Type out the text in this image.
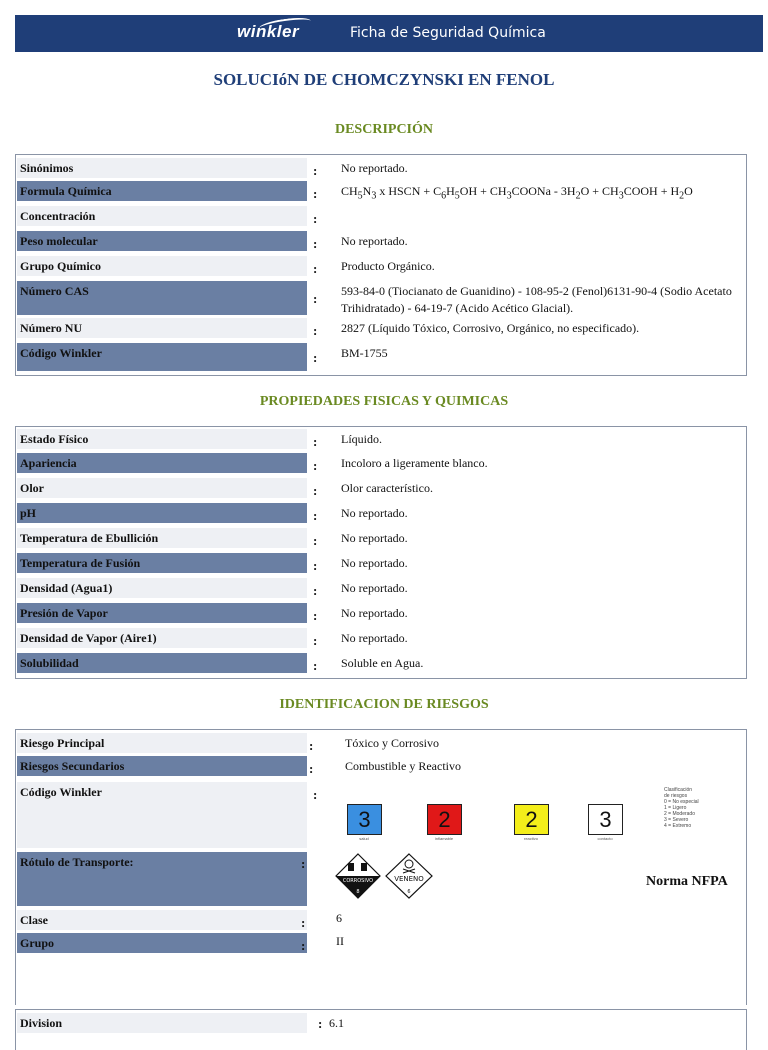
winkler	Ficha de Seguridad Química
SOLUCIóN DE CHOMCZYNSKI EN FENOL
DESCRIPCIÓN
Sinónimos	: No reportado.
Formula Química	: $CH_5N_3$ x HSCN + $C_6H_5OH$ + $CH_3COONa - 3H_2O$ + $CH_3COOH + H_2O$
Concentración	:
Peso molecular	: No reportado.
Grupo Químico	: Producto Orgánico.
Número CAS	: 593-84-0 (Tiocianato de Guanidino) - 108-95-2 (Fenol)6131-90-4 (Sodio Acetato Trihidratado) - 64-19-7 (Acido Acético Glacial).
Número NU	: 2827 (Líquido Tóxico, Corrosivo, Orgánico, no especificado).
Código Winkler	: BM-1755
PROPIEDADES FISICAS Y QUIMICAS
Estado Físico	: Líquido.
Apariencia	: Incoloro a ligeramente blanco.
Olor	: Olor característico.
pH	: No reportado.
Temperatura de Ebullición	: No reportado.
Temperatura de Fusión	: No reportado.
Densidad (Agua1)	: No reportado.
Presión de Vapor	: No reportado.
Densidad de Vapor (Aire1)	: No reportado.
Solubilidad	: Soluble en Agua.
IDENTIFICACION DE RIESGOS
Riesgo Principal	:	Tóxico y Corrosivo
Riesgos Secundarios	:	Combustible y Reactivo
Código Winkler	:
Rótulo de Transporte:	:
Clase	:	6
Grupo	:	II
3
salud
2
inflamable
2
reactivo
3
contacto
Clasificación
de riesgos
0 = No especial
1 = Ligero
2 = Moderado
3 = Severo
4 = Extremo
CORROSIVO
8
VENENO
6
Norma NFPA
Division	: 6.1
